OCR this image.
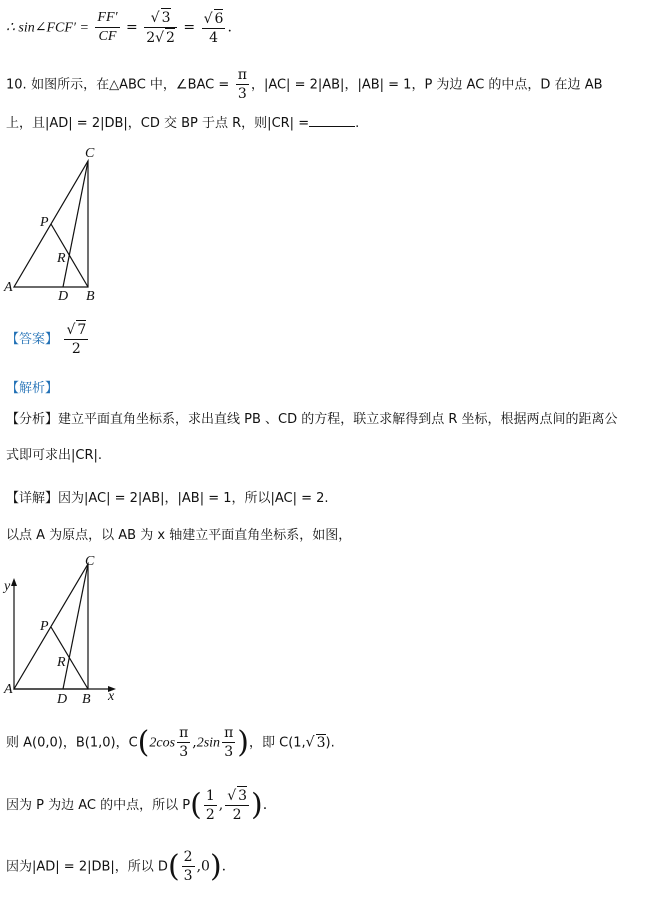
∴ sin∠FCF′ = $\frac{FF'}{CF} = \frac{√ 3}{2√ 2} = \frac{√ 6}{4}$ .
10. 如图所示，在△ABC 中，∠BAC = $\frac{\pi}{3}$ ，|AC| = 2|AB|，|AB| = 1，P 为边 AC 的中点，D 在边 AB
上，且|AD| = 2|DB|，CD 交 BP 于点 R，则|CR| =	.
A
B
C
D
P
R
【答案】 $\frac{√ 7}{2}$
【解析】
【分析】建立平面直角坐标系，求出直线 PB 、CD 的方程，联立求解得到点 R 坐标，根据两点间的距离公
式即可求出|CR|.
【详解】因为|AC| = 2|AB|，|AB| = 1，所以|AC| = 2.
以点 A 为原点，以 AB 为 x 轴建立平面直角坐标系，如图，
A
B
C
D
P
R
x
y
则 A(0,0)，B(1,0)，$C(2\cos \frac{\pi}{3} ,2\sin \frac{\pi}{3}$ )，即 C(1,√ 3).
因为 P 为边 AC 的中点，所以 $P( \frac{1}{2}$ , $\frac{√ 3}{2}$ ).
因为|AD| = 2|DB|，所以 $D( \frac{2}{3} ,0)$.
